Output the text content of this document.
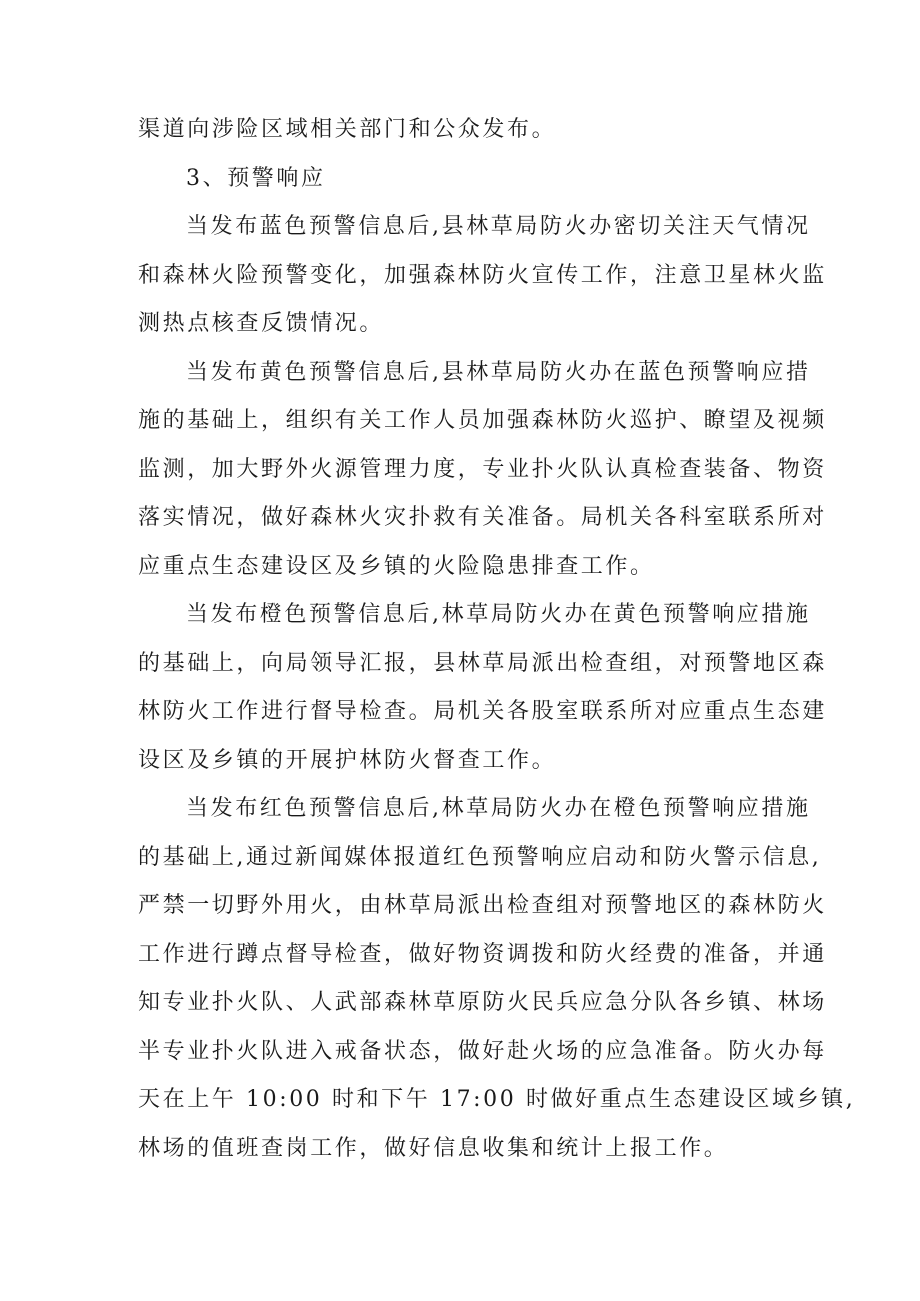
渠道向涉险区域相关部门和公众发布。
3、预警响应
当发布蓝色预警信息后,县林草局防火办密切关注天气情况
和森林火险预警变化，加强森林防火宣传工作，注意卫星林火监
测热点核查反馈情况。
当发布黄色预警信息后,县林草局防火办在蓝色预警响应措
施的基础上，组织有关工作人员加强森林防火巡护、瞭望及视频
监测，加大野外火源管理力度，专业扑火队认真检查装备、物资
落实情况，做好森林火灾扑救有关准备。局机关各科室联系所对
应重点生态建设区及乡镇的火险隐患排查工作。
当发布橙色预警信息后,林草局防火办在黄色预警响应措施
的基础上，向局领导汇报，县林草局派出检查组，对预警地区森
林防火工作进行督导检查。局机关各股室联系所对应重点生态建
设区及乡镇的开展护林防火督查工作。
当发布红色预警信息后,林草局防火办在橙色预警响应措施
的基础上,通过新闻媒体报道红色预警响应启动和防火警示信息,
严禁一切野外用火，由林草局派出检查组对预警地区的森林防火
工作进行蹲点督导检查，做好物资调拨和防火经费的准备，并通
知专业扑火队、人武部森林草原防火民兵应急分队各乡镇、林场
半专业扑火队进入戒备状态，做好赴火场的应急准备。防火办每
天在上午 10:00 时和下午 17:00 时做好重点生态建设区域乡镇,
林场的值班查岗工作，做好信息收集和统计上报工作。
